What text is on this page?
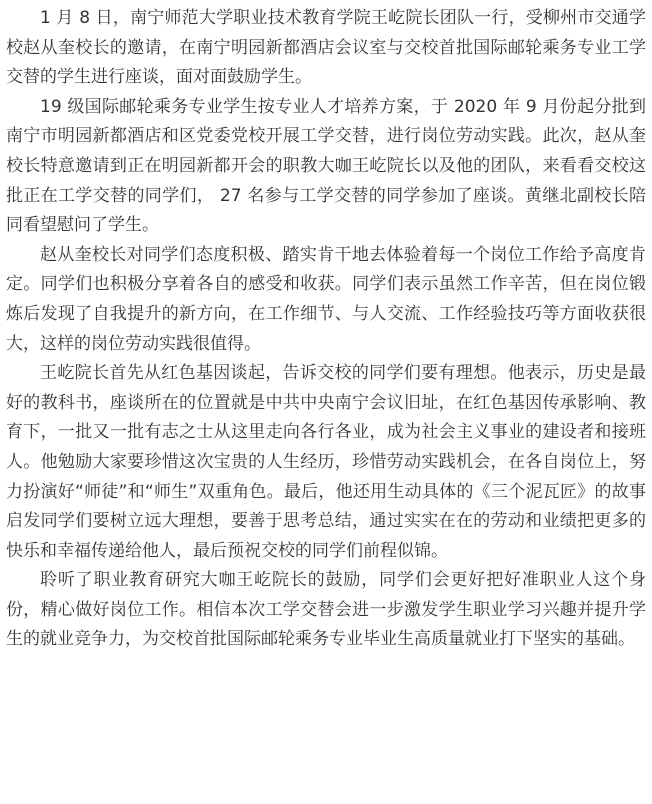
1 月 8 日，南宁师范大学职业技术教育学院王屹院长团队一行，受柳州市交通学校赵从奎校长的邀请，在南宁明园新都酒店会议室与交校首批国际邮轮乘务专业工学交替的学生进行座谈，面对面鼓励学生。

19 级国际邮轮乘务专业学生按专业人才培养方案，于 2020 年 9 月份起分批到南宁市明园新都酒店和区党委党校开展工学交替，进行岗位劳动实践。此次，赵从奎校长特意邀请到正在明园新都开会的职教大咖王屹院长以及他的团队，来看看交校这批正在工学交替的同学们， 27 名参与工学交替的同学参加了座谈。黄继北副校长陪同看望慰问了学生。

赵从奎校长对同学们态度积极、踏实肯干地去体验着每一个岗位工作给予高度肯定。同学们也积极分享着各自的感受和收获。同学们表示虽然工作辛苦，但在岗位锻炼后发现了自我提升的新方向，在工作细节、与人交流、工作经验技巧等方面收获很大，这样的岗位劳动实践很值得。

王屹院长首先从红色基因谈起，告诉交校的同学们要有理想。他表示，历史是最好的教科书，座谈所在的位置就是中共中央南宁会议旧址，在红色基因传承影响、教育下，一批又一批有志之士从这里走向各行各业，成为社会主义事业的建设者和接班人。他勉励大家要珍惜这次宝贵的人生经历，珍惜劳动实践机会，在各自岗位上，努力扮演好“师徒”和“师生”双重角色。最后，他还用生动具体的《三个泥瓦匠》的故事启发同学们要树立远大理想，要善于思考总结，通过实实在在的劳动和业绩把更多的快乐和幸福传递给他人，最后预祝交校的同学们前程似锦。

聆听了职业教育研究大咖王屹院长的鼓励，同学们会更好把好准职业人这个身份，精心做好岗位工作。相信本次工学交替会进一步激发学生职业学习兴趣并提升学生的就业竞争力，为交校首批国际邮轮乘务专业毕业生高质量就业打下坚实的基础。
